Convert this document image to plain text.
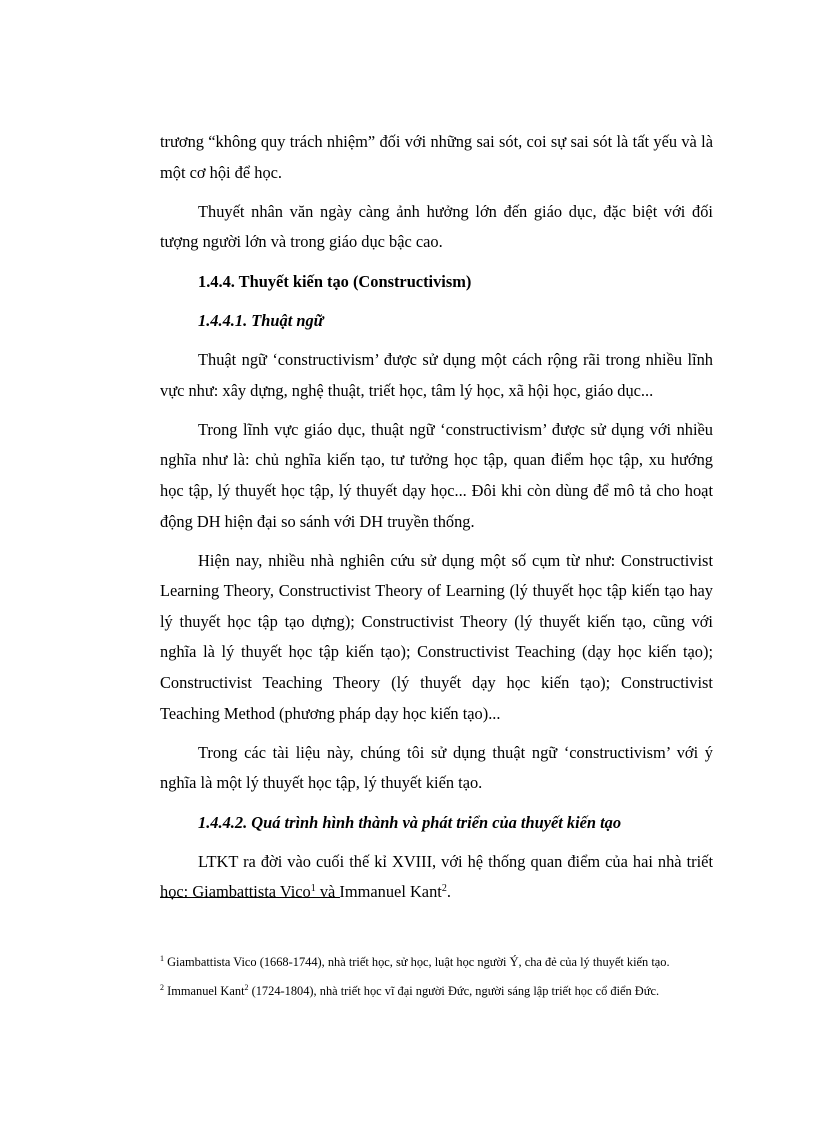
trương “không quy trách nhiệm” đối với những sai sót, coi sự sai sót là tất yếu và là
một cơ hội để học.
Thuyết nhân văn ngày càng ảnh hưởng lớn đến giáo dục, đặc biệt với đối
tượng người lớn và trong giáo dục bậc cao.
1.4.4. Thuyết kiến tạo (Constructivism)
1.4.4.1. Thuật ngữ
Thuật ngữ ‘constructivism’ được sử dụng một cách rộng rãi trong nhiều lĩnh
vực như: xây dựng, nghệ thuật, triết học, tâm lý học, xã hội học, giáo dục...
Trong lĩnh vực giáo dục, thuật ngữ ‘constructivism’ được sử dụng với nhiều
nghĩa như là: chủ nghĩa kiến tạo, tư tưởng học tập, quan điểm học tập, xu hướng
học tập, lý thuyết học tập, lý thuyết dạy học... Đôi khi còn dùng để mô tả cho hoạt
động DH hiện đại so sánh với DH truyền thống.
Hiện nay, nhiều nhà nghiên cứu sử dụng một số cụm từ như: Constructivist
Learning Theory, Constructivist Theory of Learning (lý thuyết học tập kiến tạo hay
lý thuyết học tập tạo dựng); Constructivist Theory (lý thuyết kiến tạo, cũng với
nghĩa là lý thuyết học tập kiến tạo); Constructivist Teaching (dạy học kiến tạo);
Constructivist Teaching Theory (lý thuyết dạy học kiến tạo); Constructivist
Teaching Method (phương pháp dạy học kiến tạo)...
Trong các tài liệu này, chúng tôi sử dụng thuật ngữ ‘constructivism’ với ý
nghĩa là một lý thuyết học tập, lý thuyết kiến tạo.
1.4.4.2. Quá trình hình thành và phát triển của thuyết kiến tạo
LTKT ra đời vào cuối thế kỉ XVIII, với hệ thống quan điểm của hai nhà triết
học: Giambattista Vico$^1$ và Immanuel Kant$^2$.
$^1$ Giambattista Vico (1668-1744), nhà triết học, sử học, luật học người Ý, cha đẻ của lý thuyết kiến tạo.
$^2$ Immanuel Kant$^2$ (1724-1804), nhà triết học vĩ đại người Đức, người sáng lập triết học cổ điển Đức.
